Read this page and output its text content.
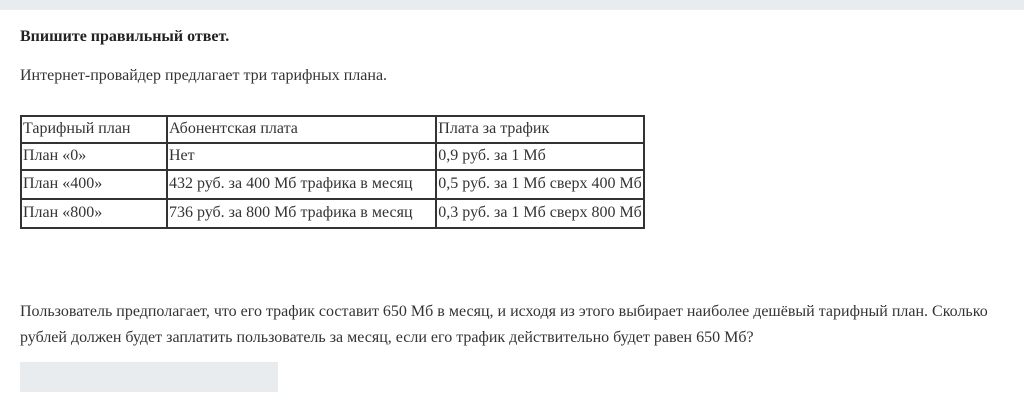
Впишите правильный ответ.

Интернет-провайдер предлагает три тарифных плана.

Тарифный план	Абонентская плата	Плата за трафик
План «0»	Нет	0,9 руб. за 1 Мб
План «400»	432 руб. за 400 Мб трафика в месяц	0,5 руб. за 1 Мб сверх 400 Мб
План «800»	736 руб. за 800 Мб трафика в месяц	0,3 руб. за 1 Мб сверх 800 Мб

Пользователь предполагает, что его трафик составит 650 Мб в месяц, и исходя из этого выбирает наиболее дешёвый тарифный план. Сколько рублей должен будет заплатить пользователь за месяц, если его трафик действительно будет равен 650 Мб?
